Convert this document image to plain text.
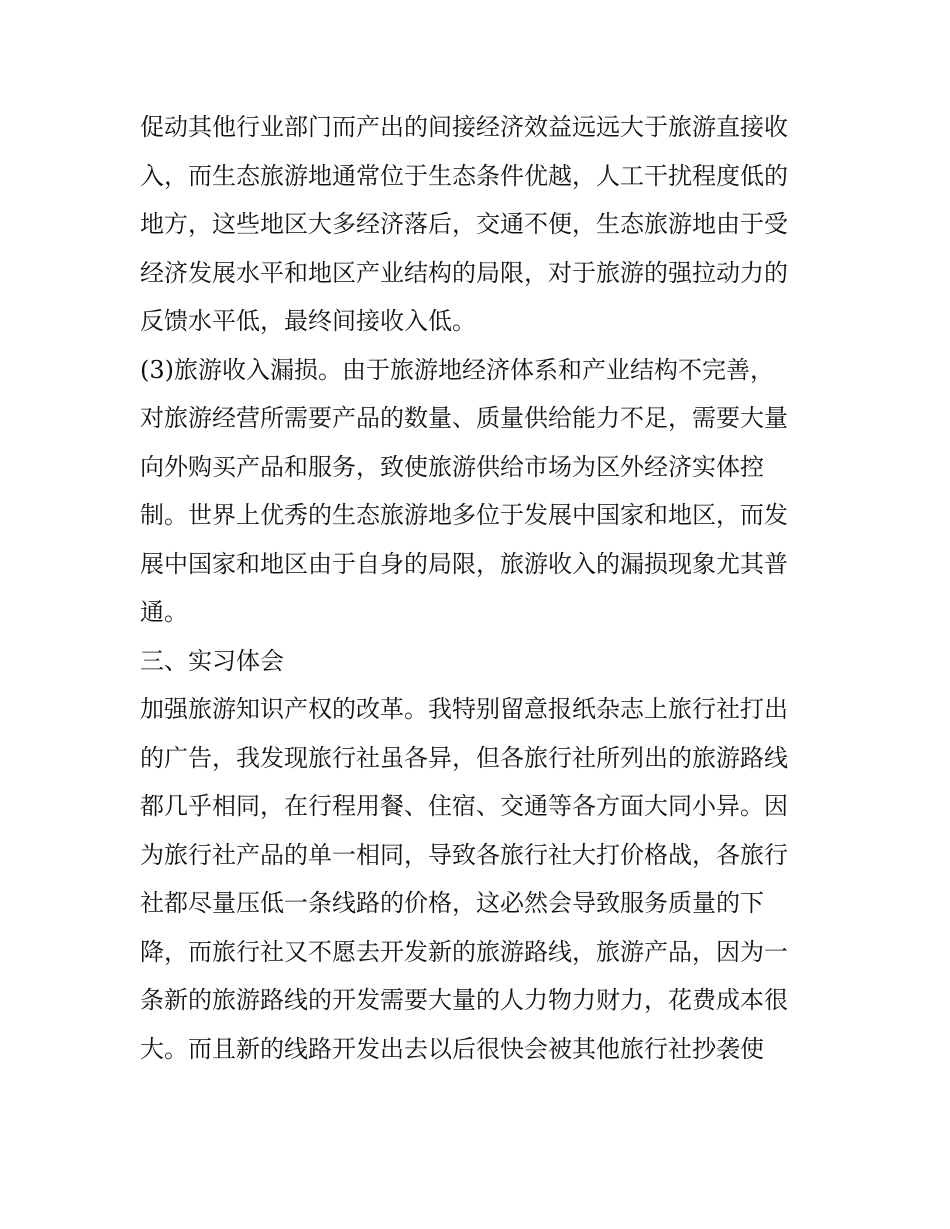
促动其他行业部门而产出的间接经济效益远远大于旅游直接收
入，而生态旅游地通常位于生态条件优越，人工干扰程度低的
地方，这些地区大多经济落后，交通不便，生态旅游地由于受
经济发展水平和地区产业结构的局限，对于旅游的强拉动力的
反馈水平低，最终间接收入低。
(3)旅游收入漏损。由于旅游地经济体系和产业结构不完善，
对旅游经营所需要产品的数量、质量供给能力不足，需要大量
向外购买产品和服务，致使旅游供给市场为区外经济实体控
制。世界上优秀的生态旅游地多位于发展中国家和地区，而发
展中国家和地区由于自身的局限，旅游收入的漏损现象尤其普
通。
三、实习体会
加强旅游知识产权的改革。我特别留意报纸杂志上旅行社打出
的广告，我发现旅行社虽各异，但各旅行社所列出的旅游路线
都几乎相同，在行程用餐、住宿、交通等各方面大同小异。因
为旅行社产品的单一相同，导致各旅行社大打价格战，各旅行
社都尽量压低一条线路的价格，这必然会导致服务质量的下
降，而旅行社又不愿去开发新的旅游路线，旅游产品，因为一
条新的旅游路线的开发需要大量的人力物力财力，花费成本很
大。而且新的线路开发出去以后很快会被其他旅行社抄袭使
